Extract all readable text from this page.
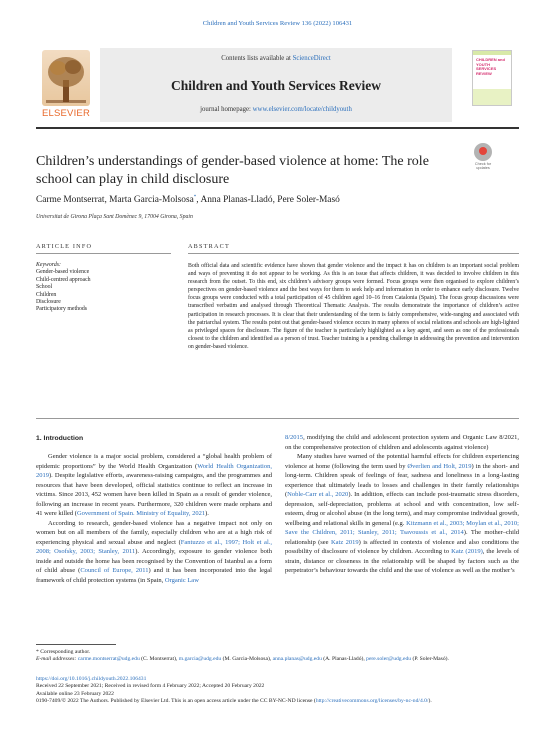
Children and Youth Services Review 136 (2022) 106431
ELSEVIER
Contents lists available at ScienceDirect
Children and Youth Services Review
journal homepage: www.elsevier.com/locate/childyouth
CHILDREN and YOUTH SERVICES REVIEW
Children’s understandings of gender-based violence at home: The role school can play in child disclosure
Check for updates
Carme Montserrat, Marta Garcia-Molsosa*, Anna Planas-Lladó, Pere Soler-Masó
Universitat de Girona Plaça Sant Domènec 9, 17004 Girona, Spain
ARTICLE INFO	ABSTRACT
Keywords:
Gender-based violence
Child-centred approach
School
Children
Disclosure
Participatory methods
Both official data and scientific evidence have shown that gender violence and the impact it has on children is an important social problem and ways of preventing it do not appear to be working. As this is an issue that affects children, it was decided to involve children in this research from the outset. To this end, six children’s advisory groups were formed. Focus groups were then organised to explore children’s perspectives on gender-based violence and the best ways for them to seek help and information in order to enhance early disclosure. Twelve focus groups were conducted with a total participation of 45 children aged 10–16 from Catalonia (Spain). The focus group discussions were transcribed verbatim and analysed through Theoretical Thematic Analysis. The results demonstrate the importance of children’s active participation in research processes. It is clear that their understanding of the term is fairly comprehensive, wide-ranging and associated with the patriarchal system. The results point out that gender-based violence occurs in many spheres of social relations and schools are high-lighted as privileged spaces for disclosure. The figure of the teacher is particularly highlighted as a key agent, and seen as one of the professionals closest to the children and identified as a person of trust. Teacher training is a pending challenge in addressing the prevention and intervention on gender-based violence.
1. Introduction

Gender violence is a major social problem, considered a “global health problem of epidemic proportions” by the World Health Organization (World Health Organization, 2019). Despite legislative efforts, awareness-raising campaigns, and the programmes and resources that have been developed, official statistics continue to reflect an increase in victims. Since 2013, 452 women have been killed in Spain as a result of gender violence, following an increase in recent years. Furthermore, 320 children were made orphans and 41 were killed (Government of Spain. Ministry of Equality, 2021).

According to research, gender-based violence has a negative impact not only on women but on all members of the family, especially children who are at a high risk of experiencing physical and sexual abuse and neglect (Fantuzzo et al., 1997; Holt et al., 2008; Osofsky, 2003; Stanley, 2011). Accordingly, exposure to gender violence both inside and outside the home has been recognised by the Convention of Istanbul as a form of child abuse (Council of Europe, 2011) and it has been incorporated into the legal framework of child protection systems (in Spain, Organic Law

8/2015, modifying the child and adolescent protection system and Organic Law 8/2021, on the comprehensive protection of children and adolescents against violence)

Many studies have warned of the potential harmful effects for children experiencing violence at home (following the term used by Øverlien and Holt, 2019) in the short- and long-term. Children speak of feelings of fear, sadness and loneliness in a long-lasting experience that ultimately leads to losses and challenges in their family relationships (Noble-Carr et al., 2020). In addition, effects can include post-traumatic stress disorders, depression, self-depreciation, problems at school and with concentration, low self-esteem, drug or alcohol abuse (in the long term), and may compromise individual growth, wellbeing and relational skills in general (e.g. Kitzmann et al., 2003; Moylan et al., 2010; Save the Children, 2011; Stanley, 2011; Tsavoussis et al., 2014). The mother–child relationship (see Katz 2019) is affected in contexts of violence and also conditions the possibility of disclosure of violence by children. According to Katz (2019), the levels of strain, distance or closeness in the relationship will be shaped by factors such as the perpetrator’s behaviour towards the child and the use of violence as well as the mother’s

* Corresponding author.
E-mail addresses: carme.montserrat@udg.edu (C. Montserrat), m.garcia@udg.edu (M. Garcia-Molsosa), anna.planas@udg.edu (A. Planas-Lladó), pere.soler@udg.edu (P. Soler-Masó).
https://doi.org/10.1016/j.childyouth.2022.106431
Received 22 September 2021; Received in revised form 4 February 2022; Accepted 20 February 2022
Available online 23 February 2022
0190-7409/© 2022 The Authors. Published by Elsevier Ltd. This is an open access article under the CC BY-NC-ND license (http://creativecommons.org/licenses/by-nc-nd/4.0/).
